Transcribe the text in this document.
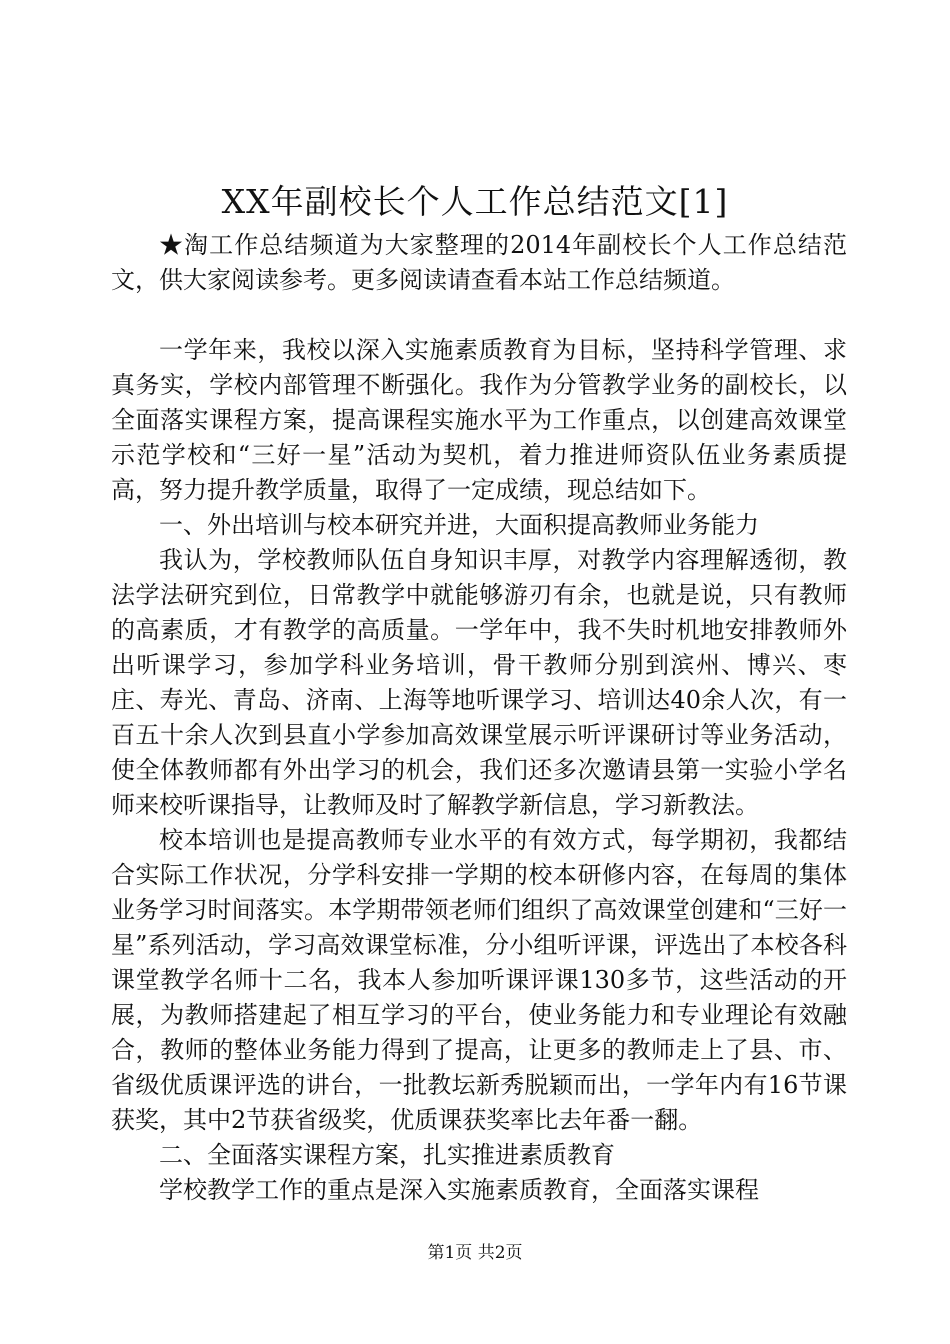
XX年副校长个人工作总结范文[1]

★淘工作总结频道为大家整理的2014年副校长个人工作总结范文，供大家阅读参考。更多阅读请查看本站工作总结频道。

一学年来，我校以深入实施素质教育为目标，坚持科学管理、求真务实，学校内部管理不断强化。我作为分管教学业务的副校长，以全面落实课程方案，提高课程实施水平为工作重点，以创建高效课堂示范学校和“三好一星”活动为契机，着力推进师资队伍业务素质提高，努力提升教学质量，取得了一定成绩，现总结如下。

一、外出培训与校本研究并进，大面积提高教师业务能力

我认为，学校教师队伍自身知识丰厚，对教学内容理解透彻，教法学法研究到位，日常教学中就能够游刃有余，也就是说，只有教师的高素质，才有教学的高质量。一学年中，我不失时机地安排教师外出听课学习，参加学科业务培训，骨干教师分别到滨州、博兴、枣庄、寿光、青岛、济南、上海等地听课学习、培训达40余人次，有一百五十余人次到县直小学参加高效课堂展示听评课研讨等业务活动，使全体教师都有外出学习的机会，我们还多次邀请县第一实验小学名师来校听课指导，让教师及时了解教学新信息，学习新教法。

校本培训也是提高教师专业水平的有效方式，每学期初，我都结合实际工作状况，分学科安排一学期的校本研修内容，在每周的集体业务学习时间落实。本学期带领老师们组织了高效课堂创建和“三好一星”系列活动，学习高效课堂标准，分小组听评课，评选出了本校各科课堂教学名师十二名，我本人参加听课评课130多节，这些活动的开展，为教师搭建起了相互学习的平台，使业务能力和专业理论有效融合，教师的整体业务能力得到了提高，让更多的教师走上了县、市、省级优质课评选的讲台，一批教坛新秀脱颖而出，一学年内有16节课获奖，其中2节获省级奖，优质课获奖率比去年番一翻。

二、全面落实课程方案，扎实推进素质教育

学校教学工作的重点是深入实施素质教育，全面落实课程

第1页 共2页
